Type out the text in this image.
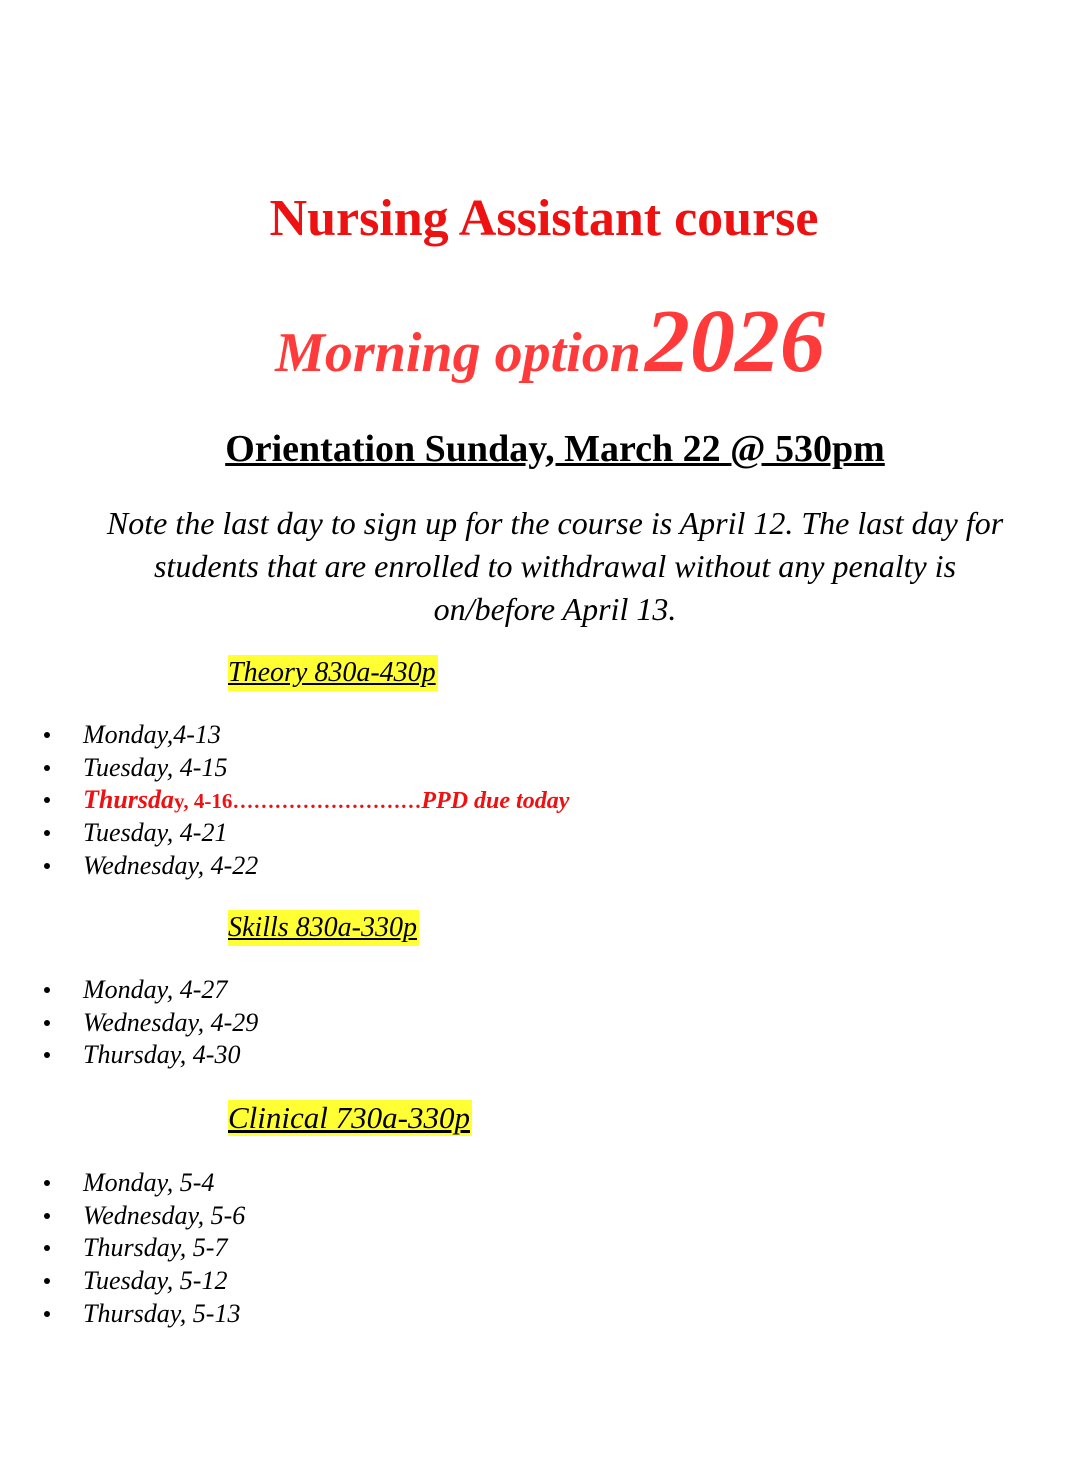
Nursing Assistant course

Morning option 2026

Orientation Sunday, March 22 @ 530pm

Note the last day to sign up for the course is April 12. The last day for students that are enrolled to withdrawal without any penalty is on/before April 13.

Theory 830a-430p

Monday,4-13
Tuesday, 4-15
Thursday, 4-16………………………PPD due today
Tuesday, 4-21
Wednesday, 4-22

Skills 830a-330p

Monday, 4-27
Wednesday, 4-29
Thursday, 4-30

Clinical 730a-330p

Monday, 5-4
Wednesday, 5-6
Thursday, 5-7
Tuesday, 5-12
Thursday, 5-13
